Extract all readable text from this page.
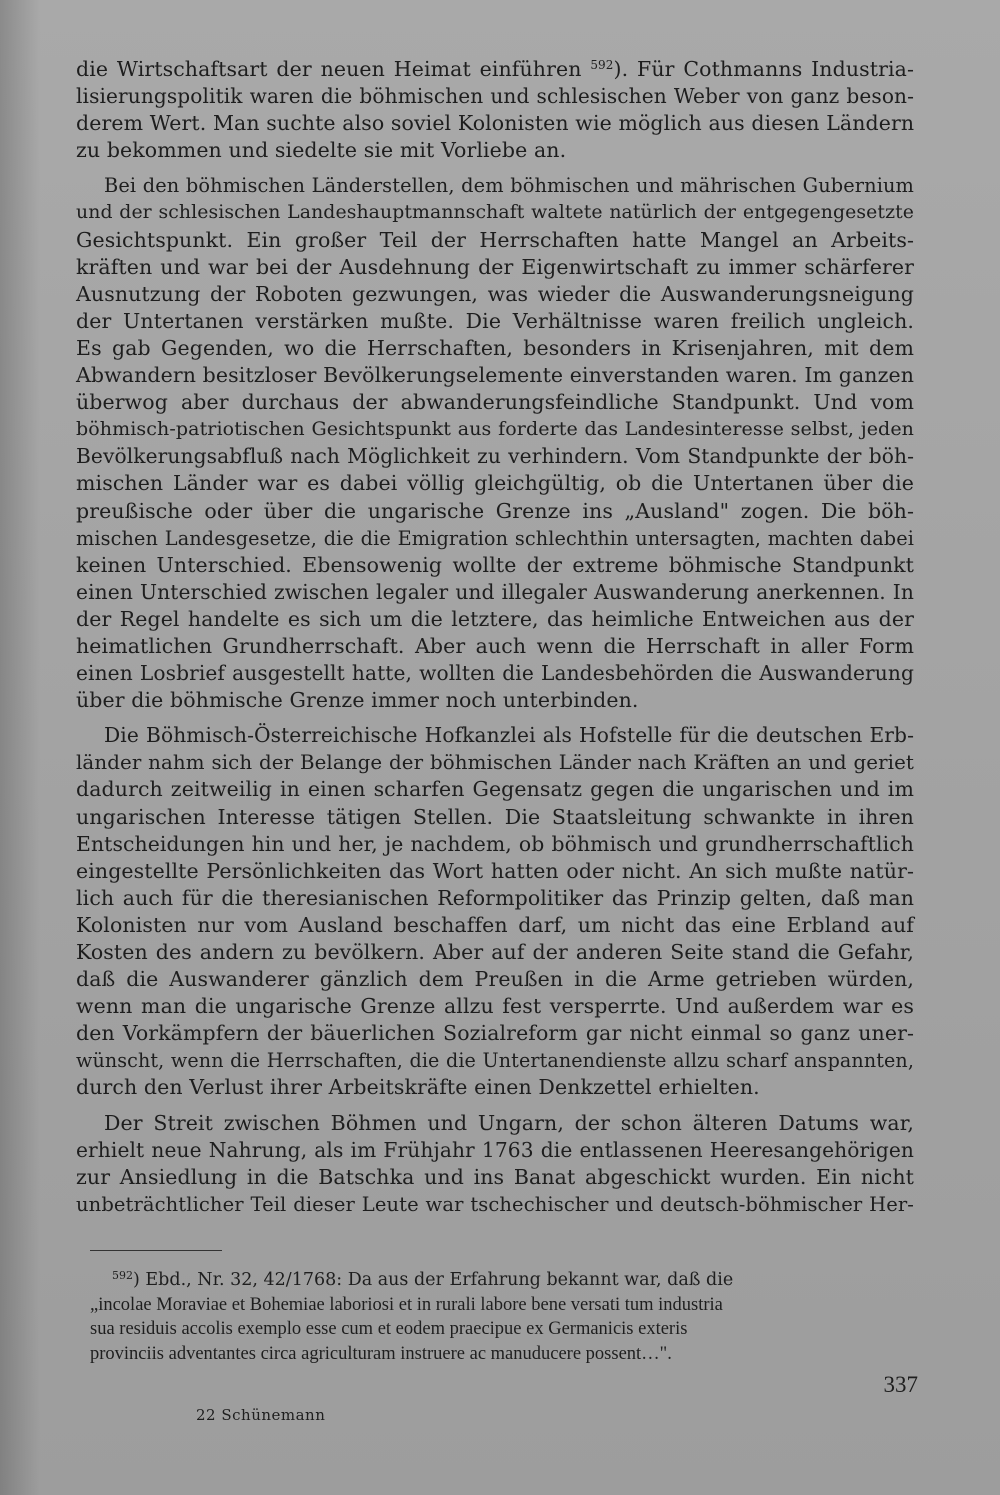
die Wirtschaftsart der neuen Heimat einführen $^{592}$). Für Cothmanns Industria-
lisierungspolitik waren die böhmischen und schlesischen Weber von ganz beson-
derem Wert. Man suchte also soviel Kolonisten wie möglich aus diesen Ländern
zu bekommen und siedelte sie mit Vorliebe an.

Bei den böhmischen Länderstellen, dem böhmischen und mährischen Gubernium
und der schlesischen Landeshauptmannschaft waltete natürlich der entgegengesetzte
Gesichtspunkt. Ein großer Teil der Herrschaften hatte Mangel an Arbeits-
kräften und war bei der Ausdehnung der Eigenwirtschaft zu immer schärferer
Ausnutzung der Roboten gezwungen, was wieder die Auswanderungsneigung
der Untertanen verstärken mußte. Die Verhältnisse waren freilich ungleich.
Es gab Gegenden, wo die Herrschaften, besonders in Krisenjahren, mit dem
Abwandern besitzloser Bevölkerungselemente einverstanden waren. Im ganzen
überwog aber durchaus der abwanderungsfeindliche Standpunkt. Und vom
böhmisch-patriotischen Gesichtspunkt aus forderte das Landesinteresse selbst, jeden
Bevölkerungsabfluß nach Möglichkeit zu verhindern. Vom Standpunkte der böh-
mischen Länder war es dabei völlig gleichgültig, ob die Untertanen über die
preußische oder über die ungarische Grenze ins „Ausland" zogen. Die böh-
mischen Landesgesetze, die die Emigration schlechthin untersagten, machten dabei
keinen Unterschied. Ebensowenig wollte der extreme böhmische Standpunkt
einen Unterschied zwischen legaler und illegaler Auswanderung anerkennen. In
der Regel handelte es sich um die letztere, das heimliche Entweichen aus der
heimatlichen Grundherrschaft. Aber auch wenn die Herrschaft in aller Form
einen Losbrief ausgestellt hatte, wollten die Landesbehörden die Auswanderung
über die böhmische Grenze immer noch unterbinden.

Die Böhmisch-Österreichische Hofkanzlei als Hofstelle für die deutschen Erb-
länder nahm sich der Belange der böhmischen Länder nach Kräften an und geriet
dadurch zeitweilig in einen scharfen Gegensatz gegen die ungarischen und im
ungarischen Interesse tätigen Stellen. Die Staatsleitung schwankte in ihren
Entscheidungen hin und her, je nachdem, ob böhmisch und grundherrschaftlich
eingestellte Persönlichkeiten das Wort hatten oder nicht. An sich mußte natür-
lich auch für die theresianischen Reformpolitiker das Prinzip gelten, daß man
Kolonisten nur vom Ausland beschaffen darf, um nicht das eine Erbland auf
Kosten des andern zu bevölkern. Aber auf der anderen Seite stand die Gefahr,
daß die Auswanderer gänzlich dem Preußen in die Arme getrieben würden,
wenn man die ungarische Grenze allzu fest versperrte. Und außerdem war es
den Vorkämpfern der bäuerlichen Sozialreform gar nicht einmal so ganz uner-
wünscht, wenn die Herrschaften, die die Untertanendienste allzu scharf anspannten,
durch den Verlust ihrer Arbeitskräfte einen Denkzettel erhielten.

Der Streit zwischen Böhmen und Ungarn, der schon älteren Datums war,
erhielt neue Nahrung, als im Frühjahr 1763 die entlassenen Heeresangehörigen
zur Ansiedlung in die Batschka und ins Banat abgeschickt wurden. Ein nicht
unbeträchtlicher Teil dieser Leute war tschechischer und deutsch-böhmischer Her-

$^{592}$) Ebd., Nr. 32, 42/1768: Da aus der Erfahrung bekannt war, daß die
„incolae Moraviae et Bohemiae laboriosi et in rurali labore bene versati tum industria
sua residuis accolis exemplo esse cum et eodem praecipue ex Germanicis exteris
provinciis adventantes circa agriculturam instruere ac manuducere possent…".
337
22 Schünemann
